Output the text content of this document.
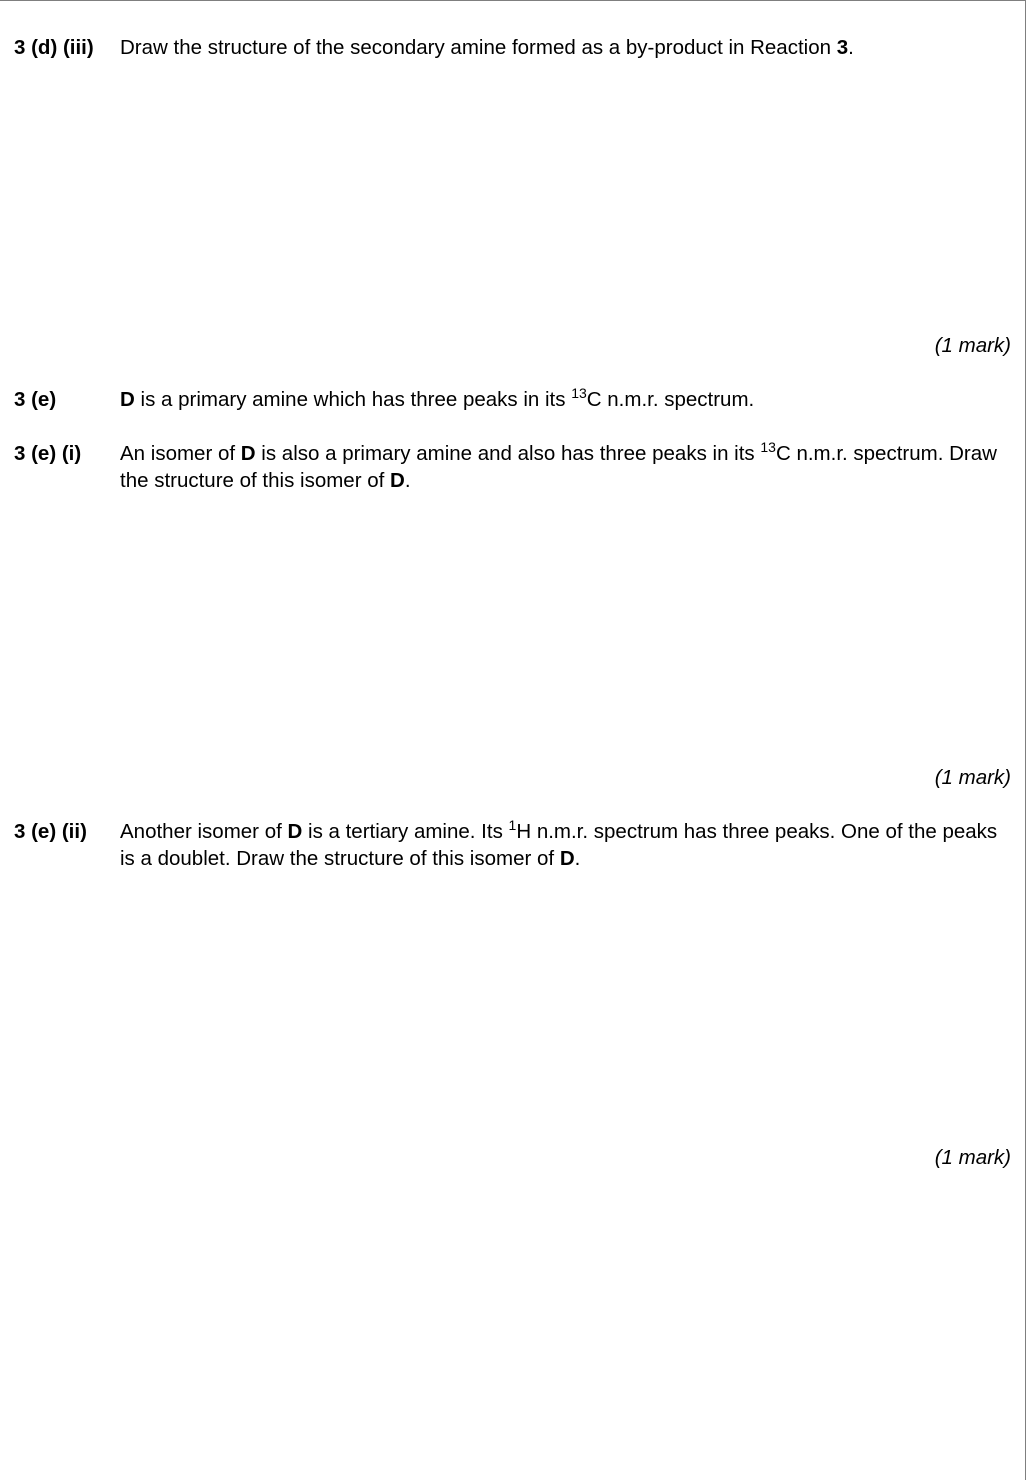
3 (d) (iii) Draw the structure of the secondary amine formed as a by-product in Reaction 3.
(1 mark)
3 (e)	D is a primary amine which has three peaks in its $^{13}$C n.m.r. spectrum.
3 (e) (i) An isomer of D is also a primary amine and also has three peaks in its $^{13}$C n.m.r. spectrum. Draw the structure of this isomer of D.
(1 mark)
3 (e) (ii) Another isomer of D is a tertiary amine. Its $^1$H n.m.r. spectrum has three peaks. One of the peaks is a doublet. Draw the structure of this isomer of D.
(1 mark)
